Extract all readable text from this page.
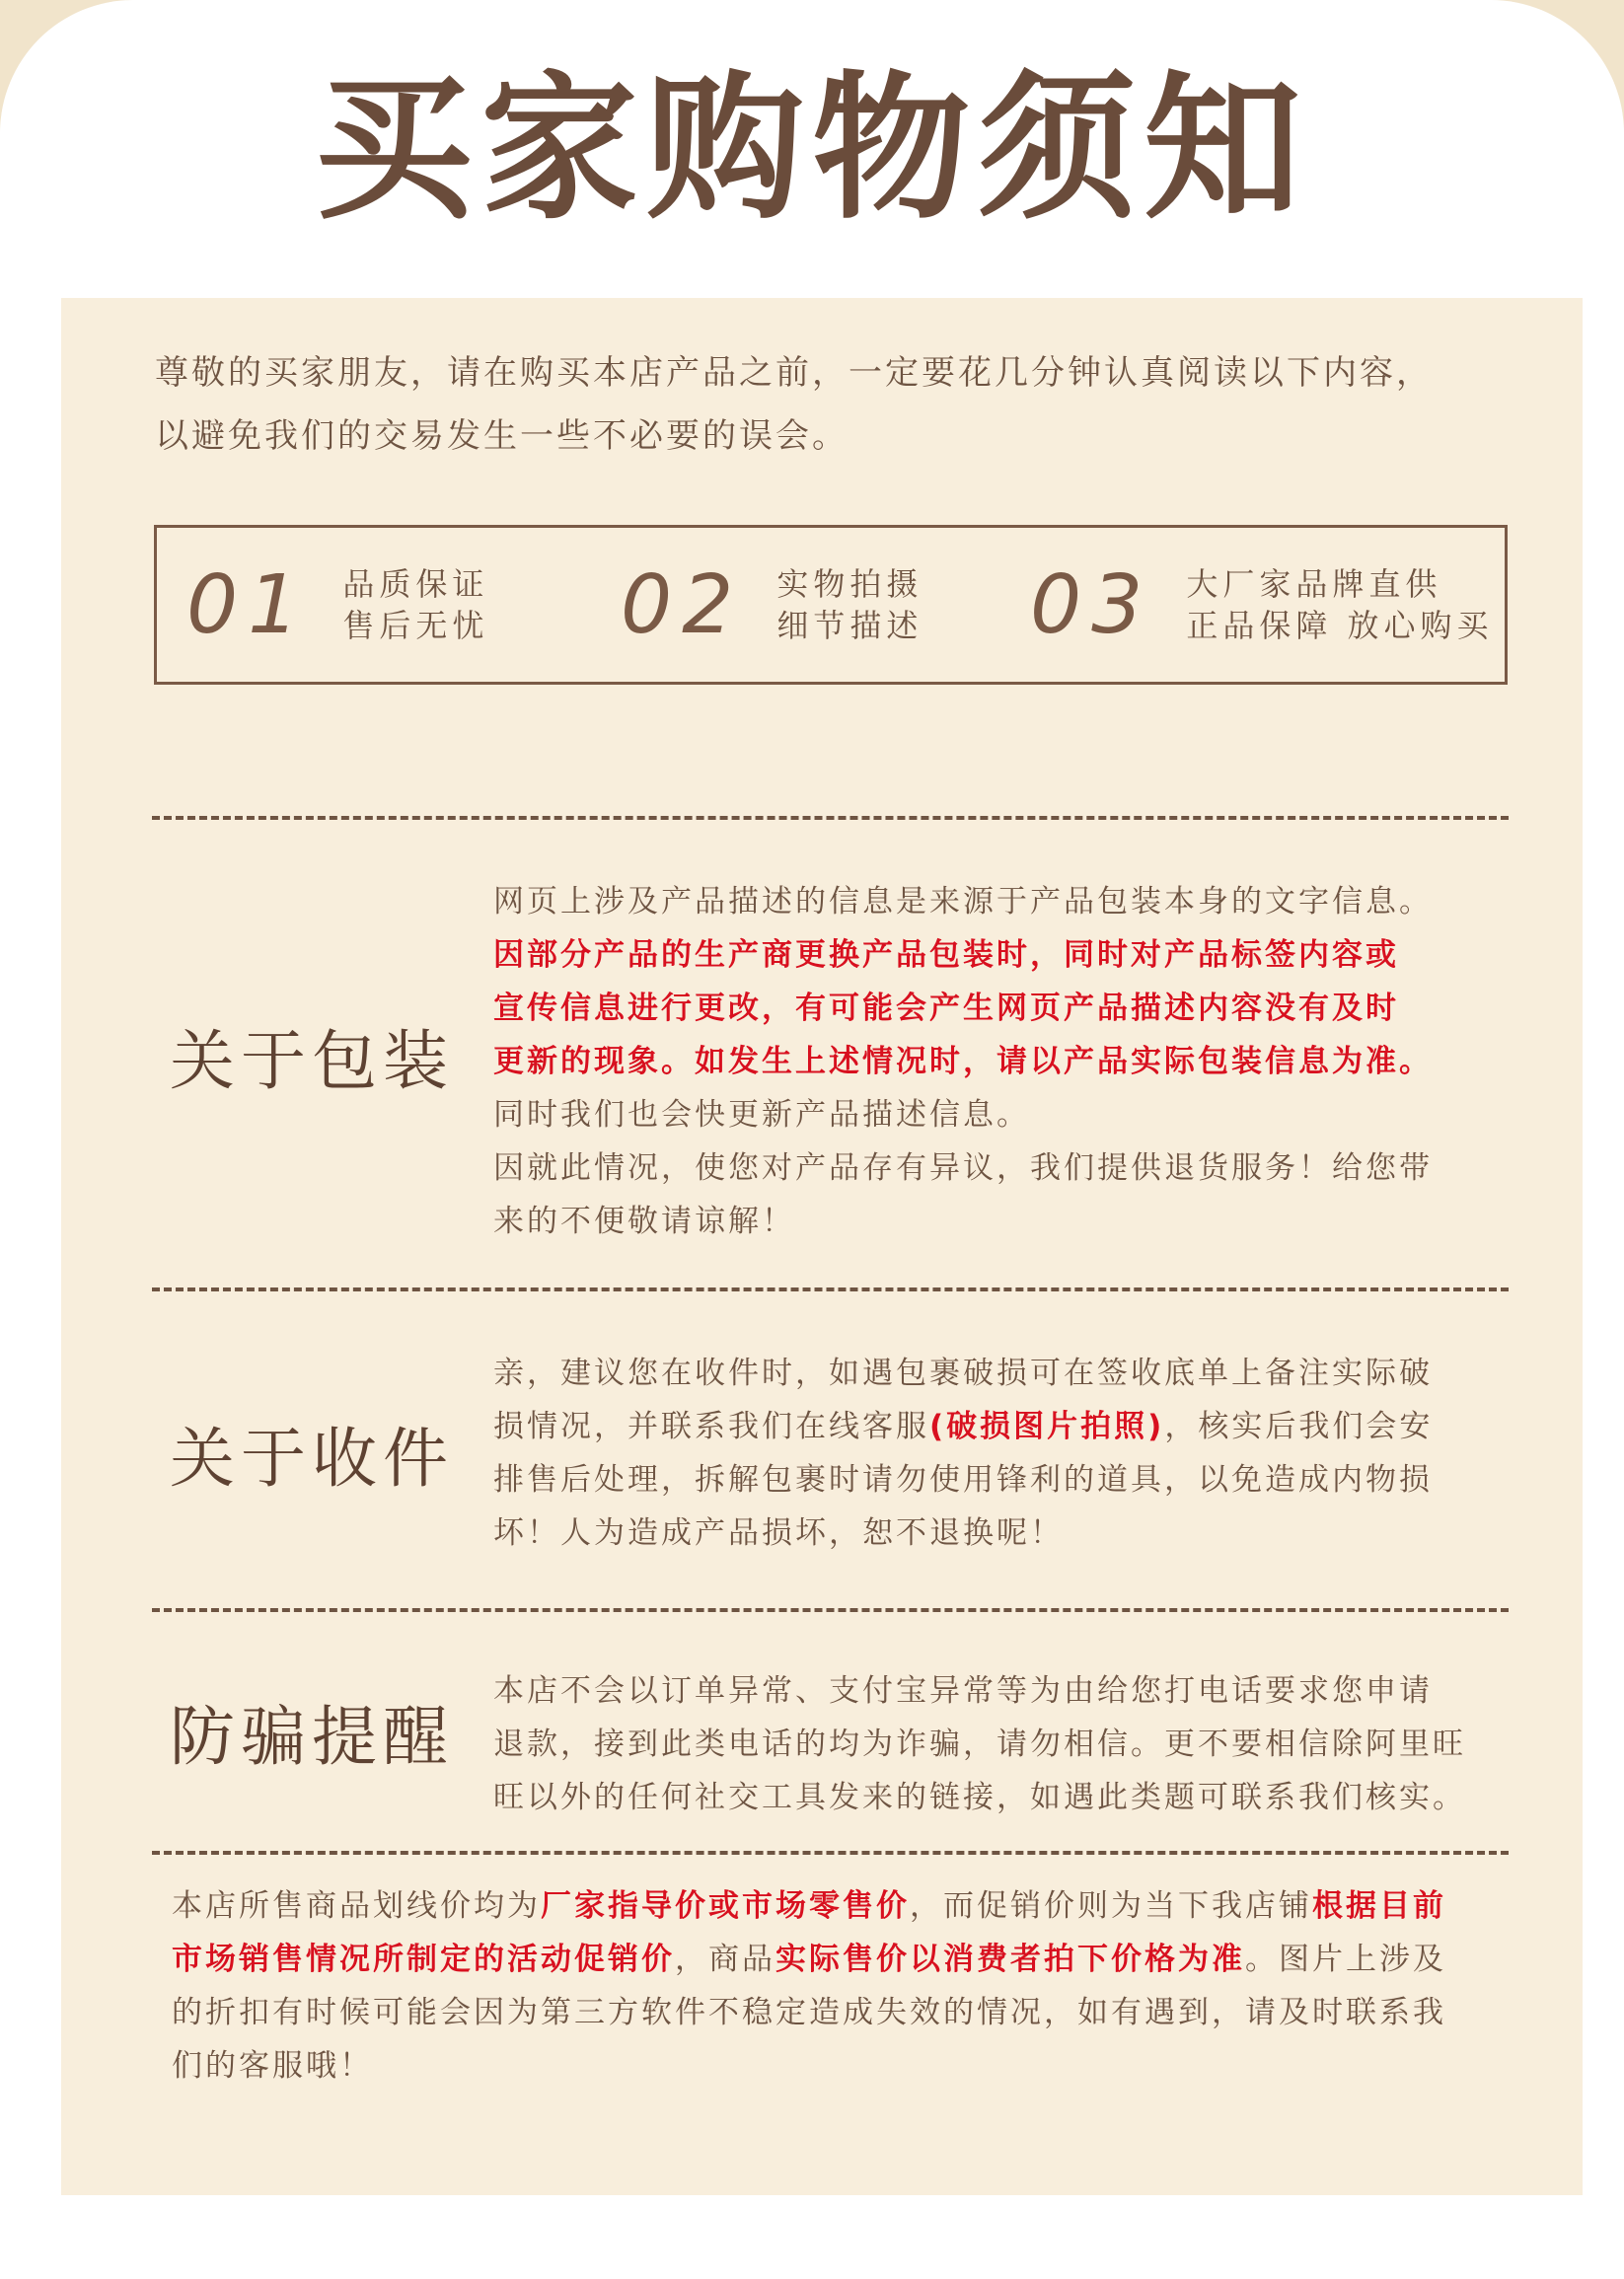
买家购物须知

尊敬的买家朋友，请在购买本店产品之前，一定要花几分钟认真阅读以下内容，

以避免我们的交易发生一些不必要的误会。

01 品质保证
售后无忧 02 实物拍摄
细节描述 03 大厂家品牌直供
正品保障 放心购买
关于包装

网页上涉及产品描述的信息是来源于产品包装本身的文字信息。

因部分产品的生产商更换产品包装时，同时对产品标签内容或

宣传信息进行更改，有可能会产生网页产品描述内容没有及时

更新的现象。如发生上述情况时，请以产品实际包装信息为准。

同时我们也会快更新产品描述信息。

因就此情况，使您对产品存有异议，我们提供退货服务！给您带

来的不便敬请谅解！

关于收件

亲，建议您在收件时，如遇包裹破损可在签收底单上备注实际破

损情况，并联系我们在线客服(破损图片拍照)，核实后我们会安

排售后处理，拆解包裹时请勿使用锋利的道具，以免造成内物损

坏！人为造成产品损坏，恕不退换呢！

防骗提醒

本店不会以订单异常、支付宝异常等为由给您打电话要求您申请

退款，接到此类电话的均为诈骗，请勿相信。更不要相信除阿里旺

旺以外的任何社交工具发来的链接，如遇此类题可联系我们核实。

本店所售商品划线价均为厂家指导价或市场零售价，而促销价则为当下我店铺根据目前

市场销售情况所制定的活动促销价，商品实际售价以消费者拍下价格为准。图片上涉及

的折扣有时候可能会因为第三方软件不稳定造成失效的情况，如有遇到，请及时联系我

们的客服哦！
